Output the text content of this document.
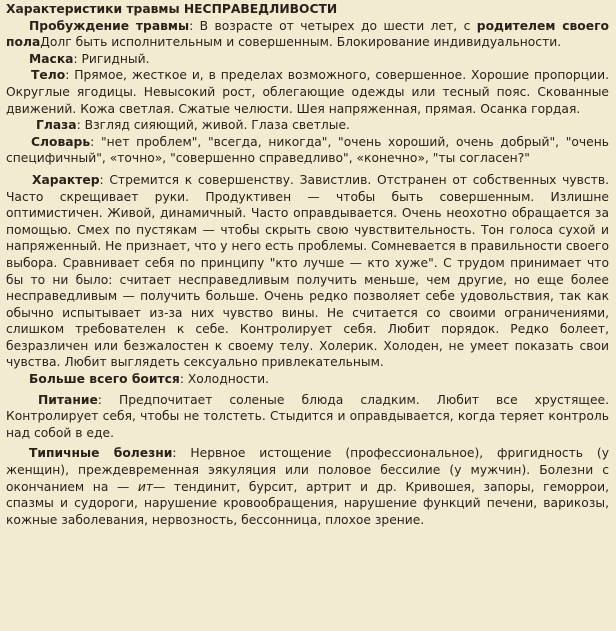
Характеристики травмы НЕСПРАВЕДЛИВОСТИ

Пробуждение травмы: В возрасте от четырех до шести лет, с родителем своего полаДолг быть исполнительным и совершенным. Блокирование индивидуальности.

Маска: Ригидный.

Тело: Прямое, жесткое и, в пределах возможного, совершенное. Хорошие пропорции. Округлые ягодицы. Невысокий рост, облегающие одежды или тесный пояс. Скованные движений. Кожа светлая. Сжатые челюсти. Шея напряженная, прямая. Осанка гордая.

Глаза: Взгляд сияющий, живой. Глаза светлые.

Словарь: "нет проблем", "всегда, никогда", "очень хороший, очень добрый", "очень специфичный", «точно», "совершенно справедливо", «конечно», "ты согласен?"

Характер: Стремится к совершенству. Завистлив. Отстранен от собственных чувств. Часто скрещивает руки. Продуктивен — чтобы быть совершенным. Излишне оптимистичен. Живой, динамичный. Часто оправдывается. Очень неохотно обращается за помощью. Смех по пустякам — чтобы скрыть свою чувствительность. Тон голоса сухой и напряженный. Не признает, что у него есть проблемы. Сомневается в правильности своего выбора. Сравнивает себя по принципу "кто лучше — кто хуже". С трудом принимает что бы то ни было: считает несправедливым получить меньше, чем другие, но еще более несправедливым — получить больше. Очень редко позволяет себе удовольствия, так как обычно испытывает из-за них чувство вины. Не считается со своими ограничениями, слишком требователен к себе. Контролирует себя. Любит порядок. Редко болеет, безразличен или безжалостен к своему телу. Холерик. Холоден, не умеет показать свои чувства. Любит выглядеть сексуально привлекательным.

Больше всего боится: Холодности.

Питание: Предпочитает соленые блюда сладким. Любит все хрустящее. Контролирует себя, чтобы не толстеть. Стыдится и оправдывается, когда теряет контроль над собой в еде.

Типичные болезни: Нервное истощение (профессиональное), фригидность (у женщин), преждевременная эякуляция или половое бессилие (у мужчин). Болезни с окончанием на — ит— тендинит, бурсит, артрит и др. Кривошея, запоры, геморрои, спазмы и судороги, нарушение кровообращения, нарушение функций печени, варикозы, кожные заболевания, нервозность, бессонница, плохое зрение.
